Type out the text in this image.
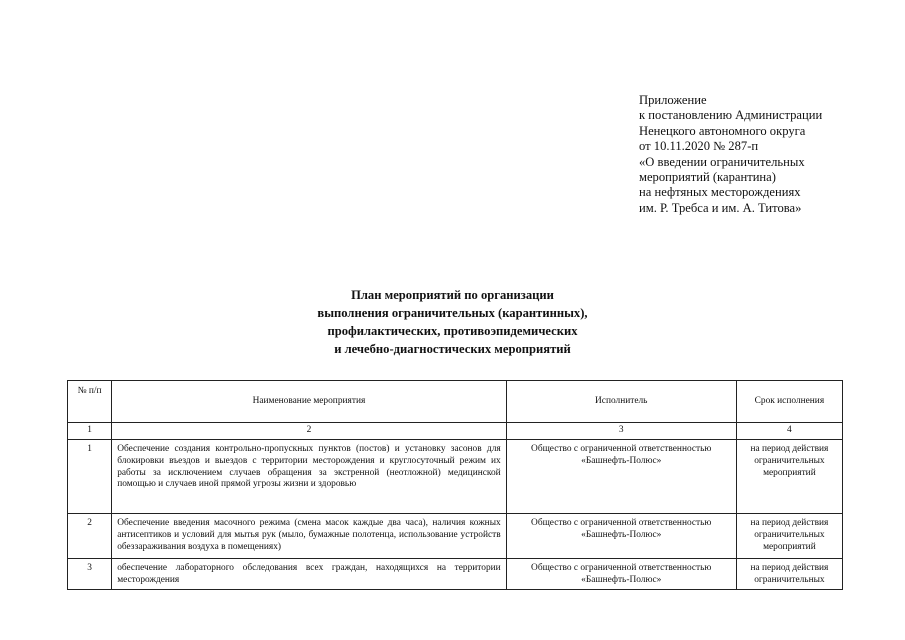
Приложение
к постановлению Администрации
Ненецкого автономного округа
от 10.11.2020 № 287-п
«О введении ограничительных
мероприятий (карантина)
на нефтяных месторождениях
им. Р. Требса и им. А. Титова»
План мероприятий по организации
выполнения ограничительных (карантинных),
профилактических, противоэпидемических
и лечебно-диагностических мероприятий
№ п/п	Наименование мероприятия	Исполнитель	Срок исполнения
1	2	3	4
1	Обеспечение создания контрольно-пропускных пунктов (постов) и установку засонов для блокировки въездов и выездов с территории месторождения и круглосуточный режим их работы за исключением случаев обращения за экстренной (неотложной) медицинской помощью и случаев иной прямой угрозы жизни и здоровью	Общество с ограниченной ответственностью «Башнефть-Полюс»	на период действия ограничительных мероприятий
2	Обеспечение введения масочного режима (смена масок каждые два часа), наличия кожных антисептиков и условий для мытья рук (мыло, бумажные полотенца, использование устройств обеззараживания воздуха в помещениях)	Общество с ограниченной ответственностью «Башнефть-Полюс»	на период действия ограничительных мероприятий
3	обеспечение лабораторного обследования всех граждан, находящихся на территории месторождения	Общество с ограниченной ответственностью «Башнефть-Полюс»	на период действия ограничительных
